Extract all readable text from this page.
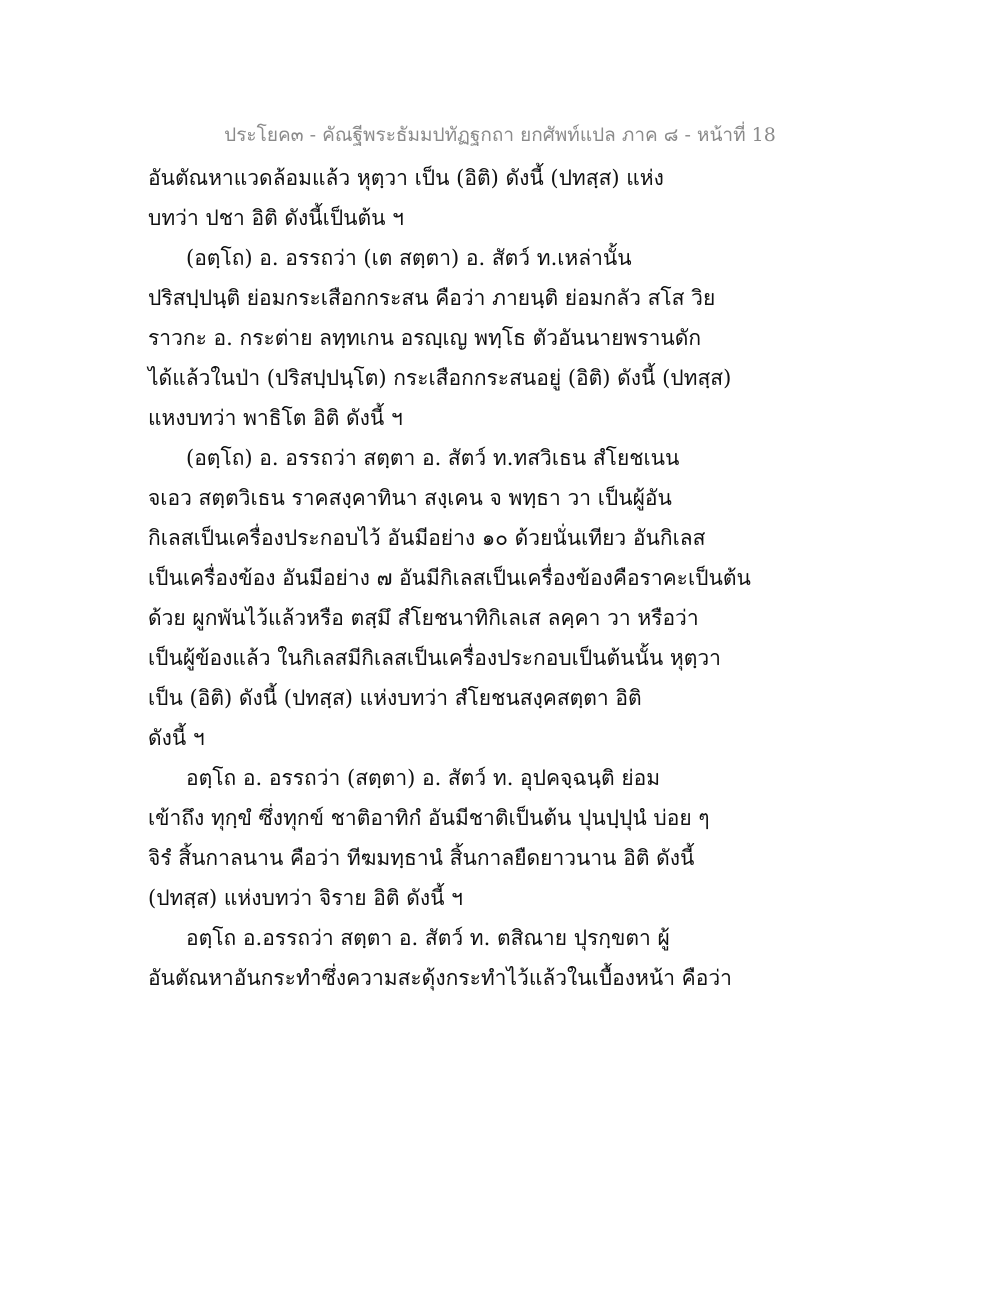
ประโยค๓ - คัณฐีพระธัมมปทัฏฐกถา ยกศัพท์แปล ภาค ๘ - หน้าที่ 18
อันตัณหาแวดล้อมแล้ว หุตฺวา เป็น (อิติ) ดังนี้ (ปทสฺส) แห่ง
บทว่า ปชา อิติ ดังนี้เป็นต้น ฯ
(อตฺโถ) อ. อรรถว่า (เต สตฺตา) อ. สัตว์ ท.เหล่านั้น
ปริสปฺปนฺติ ย่อมกระเสือกกระสน คือว่า ภายนฺติ ย่อมกลัว สโส วิย
ราวกะ อ. กระต่าย ลทฺทเกน อรญฺเญ พทฺโธ ตัวอันนายพรานดัก
ได้แล้วในป่า (ปริสปฺปนฺโต) กระเสือกกระสนอยู่ (อิติ) ดังนี้ (ปทสฺส)
แหงบทว่า พาธิโต อิติ ดังนี้ ฯ
(อตฺโถ) อ. อรรถว่า สตฺตา อ. สัตว์ ท.ทสวิเธน สํโยชเนน
จเอว สตฺตวิเธน ราคสงฺคาทินา สงฺเคน จ พทฺธา วา เป็นผู้อัน
กิเลสเป็นเครื่องประกอบไว้ อันมีอย่าง ๑๐ ด้วยนั่นเทียว อันกิเลส
เป็นเครื่องข้อง อันมีอย่าง ๗ อันมีกิเลสเป็นเครื่องข้องคือราคะเป็นต้น
ด้วย ผูกพันไว้แล้วหรือ ตสฺมึ สํโยชนาทิกิเลเส ลคฺคา วา หรือว่า
เป็นผู้ข้องแล้ว ในกิเลสมีกิเลสเป็นเครื่องประกอบเป็นต้นนั้น หุตฺวา
เป็น (อิติ) ดังนี้ (ปทสฺส) แห่งบทว่า สํโยชนสงฺคสตฺตา อิติ
ดังนี้ ฯ
อตฺโถ อ. อรรถว่า (สตฺตา) อ. สัตว์ ท. อุปคจฺฉนฺติ ย่อม
เข้าถึง ทุกฺขํ ซึ่งทุกข์ ชาติอาทิกํ อันมีชาติเป็นต้น ปุนปฺปุนํ บ่อย ๆ
จิรํ สิ้นกาลนาน คือว่า ทีฆมทฺธานํ สิ้นกาลยืดยาวนาน อิติ ดังนี้
(ปทสฺส) แห่งบทว่า จิราย อิติ ดังนี้ ฯ
อตฺโถ อ.อรรถว่า สตฺตา อ. สัตว์ ท. ตสิณาย ปุรกฺขตา ผู้
อันตัณหาอันกระทำซึ่งความสะดุ้งกระทำไว้แล้วในเบื้องหน้า คือว่า
